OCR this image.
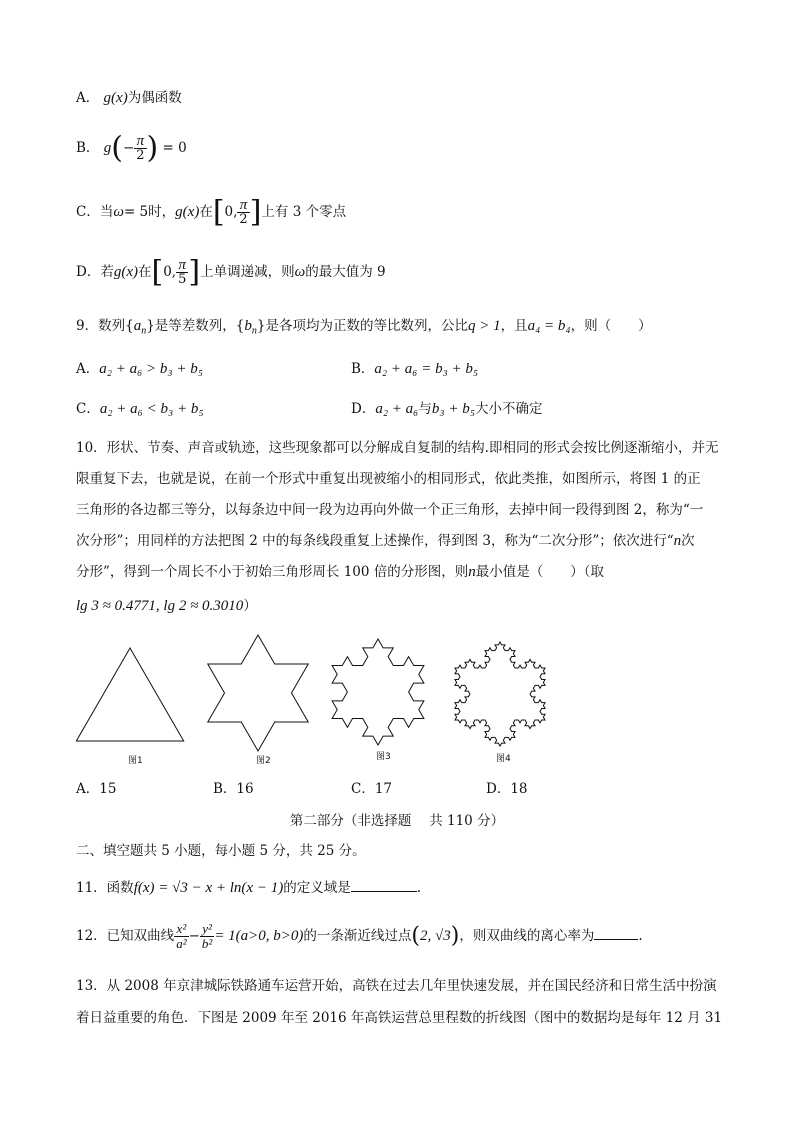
A． g(x)为偶函数
B． $g(- \frac{\pi}{2}$ ) = 0
C．当ω= 5时，g(x)在[0, $\frac{\pi}{2}$ ]上有 3 个零点
D．若g(x)在[0, $\frac{\pi}{5}$ ]上单调递减，则ω的最大值为 9
9．数列$\{a_n\}$是等差数列，$\{b_n\}$是各项均为正数的等比数列，公比q > 1，且a₄ = b₄，则（　　）
A．a₂ + a₆ > b₃ + b₅	B．a₂ + a₆ = b₃ + b₅
C．a₂ + a₆ < b₃ + b₅	D．a₂ + a₆与b₃ + b₅大小不确定
10．形状、节奏、声音或轨迹，这些现象都可以分解成自复制的结构.即相同的形式会按比例逐渐缩小，并无
限重复下去，也就是说，在前一个形式中重复出现被缩小的相同形式，依此类推，如图所示，将图 1 的正
三角形的各边都三等分，以每条边中间一段为边再向外做一个正三角形，去掉中间一段得到图 2，称为“一
次分形”；用同样的方法把图 2 中的每条线段重复上述操作，得到图 3，称为“二次分形”；依次进行“n次
分形”，得到一个周长不小于初始三角形周长 100 倍的分形图，则n最小值是（　　）（取
lg 3 ≈ 0.4771, lg 2 ≈ 0.3010）
图1	图2	图3	图4
A．15	B．16	C．17	D．18
第二部分（非选择题　 共 110 分）
二、填空题共 5 小题，每小题 5 分，共 25 分。
11．函数f(x) = √3 − x + ln(x − 1)的定义域是	.
12．已知双曲线 $\frac{\text{x²}}{\text{a²}} - \frac{\text{y²}}{\text{b²}} = 1(a>0$, b>0)的一条渐近线过点(2, √3)，则双曲线的离心率为	.
13．从 2008 年京津城际铁路通车运营开始，高铁在过去几年里快速发展，并在国民经济和日常生活中扮演
着日益重要的角色．下图是 2009 年至 2016 年高铁运营总里程数的折线图（图中的数据均是每年 12 月 31
